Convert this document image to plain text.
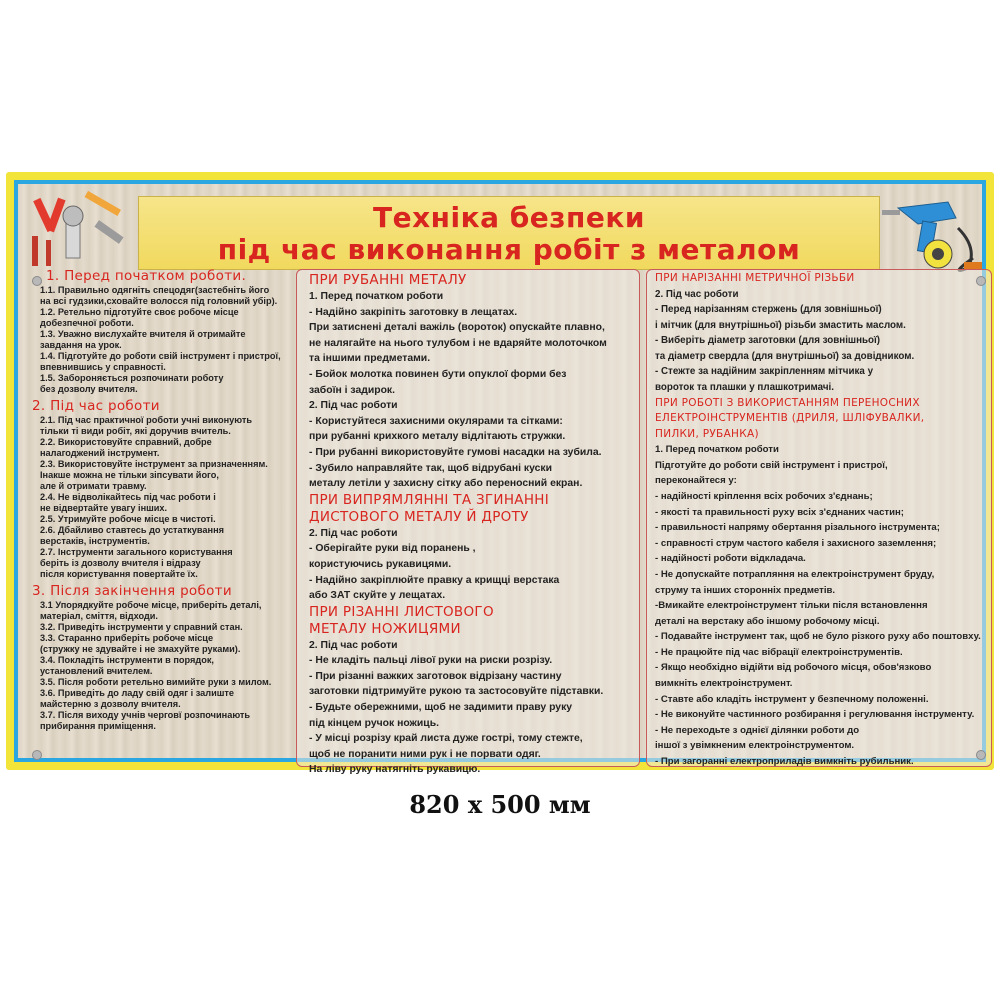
Техніка безпеки
під час виконання робіт з металом

1. Перед початком роботи.

1.1. Правильно одягніть спецодяг(застебніть його

на всі гудзики,сховайте волосся під головний убір).

1.2. Ретельно підготуйте своє робоче місце

добезпечної роботи.

1.3. Уважно вислухайте вчителя й отримайте

завдання на урок.

1.4. Підготуйте до роботи свій інструмент і пристрої,

впевнившись у справності.

1.5. Забороняється розпочинати роботу

без дозволу вчителя.

2. Під час роботи

2.1. Під час практичної роботи учні виконують

тільки ті види робіт, які доручив вчитель.

2.2. Використовуйте справний, добре

налагоджений інструмент.

2.3. Використовуйте інструмент за призначенням.

Інакше можна не тільки зіпсувати його,

але й отримати травму.

2.4. Не відволікайтесь під час роботи і

не відвертайте увагу інших.

2.5. Утримуйте робоче місце в чистоті.

2.6. Дбайливо ставтесь до устаткування

верстаків, інструментів.

2.7. Інструменти загального користування

беріть із дозволу вчителя і відразу

після користування повертайте їх.

3. Після закінчення роботи

3.1 Упорядкуйте робоче місце, приберіть деталі,

матеріал, сміття, відходи.

3.2. Приведіть інструменти у справний стан.

3.3. Старанно приберіть робоче місце

(стружку не здувайте і не змахуйте руками).

3.4. Покладіть інструменти в порядок,

установлений вчителем.

3.5. Після роботи ретельно вимийте руки з милом.

3.6. Приведіть до ладу свій одяг і залиште

майстерню з дозволу вчителя.

3.7. Після виходу учнів черговї розпочинають

прибирання приміщення.

ПРИ РУБАННІ МЕТАЛУ

1. Перед початком роботи

- Надійно закріпіть заготовку в лещатах.

При затиснені деталі важіль (вороток) опускайте плавно,

не налягайте на нього тулубом і не вдаряйте молоточком

та іншими предметами.

- Бойок молотка повинен бути опуклої форми без

забоїн і задирок.

2. Під час роботи

- Користуйтеся захисними окулярами та сітками:

при рубанні крихкого металу відлітають стружки.

- При рубанні використовуйте гумові насадки на зубила.

- Зубило направляйте так, щоб відрубані куски

металу летіли у захисну сітку або переносний екран.

ПРИ ВИПРЯМЛЯННІ ТА ЗГИНАННІ

ДИСТОВОГО МЕТАЛУ Й ДРОТУ

2. Під час роботи

- Оберігайте руки від поранень ,

користуючись рукавицями.

- Надійно закріплюйте правку а крищці верстака

або ЗАТ скуйте у лещатах.

ПРИ РІЗАННІ ЛИСТОВОГО

МЕТАЛУ НОЖИЦЯМИ

2. Під час роботи

- Не кладіть пальці лівої руки на риски розрізу.

- При різанні важких заготовок відрізану частину

заготовки підтримуйте рукою та застосовуйте підставки.

- Будьте обережними, щоб не задимити праву руку

під кінцем ручок ножиць.

- У місці розрізу край листа дуже гострі, тому стежте,

щоб не поранити ними рук і не порвати одяг.

На ліву руку натягніть рукавицю.

ПРИ НАРІЗАННІ МЕТРИЧНОЇ РІЗЬБИ

2. Під час роботи

- Перед нарізанням стержень (для зовнішньої)

і мітчик (для внутрішньої) різьби змастить маслом.

- Виберіть діаметр заготовки (для зовнішньої)

та діаметр свердла (для внутрішньої) за довідником.

- Стежте за надійним закріпленням мітчика у

вороток та плашки у плашкотримачі.

ПРИ РОБОТІ З ВИКОРИСТАННЯМ ПЕРЕНОСНИХ

ЕЛЕКТРОІНСТРУМЕНТІВ (ДРИЛЯ, ШЛІФУВАЛКИ,

ПИЛКИ, РУБАНКА)

1. Перед початком роботи

Підготуйте до роботи свій інструмент і пристрої,

переконайтеся у:

- надійності кріплення всіх робочих з'єднань;

- якості та правильності руху всіх з'єднаних частин;

- правильності напряму обертання різального інструмента;

- справності струм частого кабеля і захисного заземлення;

- надійності роботи відкладача.

- Не допускайте потрапляння на електроінструмент бруду,

струму та інших сторонніх предметів.

-Вмикайте електроінструмент тільки після встановлення

деталі на верстаку або іншому робочому місці.

- Подавайте інструмент так, щоб не було різкого руху або поштовху.

- Не працюйте під час вібрації електроінструментів.

- Якщо необхідно відійти від робочого місця, обов'язково

вимкніть електроінструмент.

- Ставте або кладіть інструмент у безпечному положенні.

- Не виконуйте частинного розбирання і регулювання інструменту.

- Не переходьте з однієї ділянки роботи до

іншої з увімкненим електроінструментом.

- При загоранні електроприладів вимкніть рубильник.

820 x 500 мм
